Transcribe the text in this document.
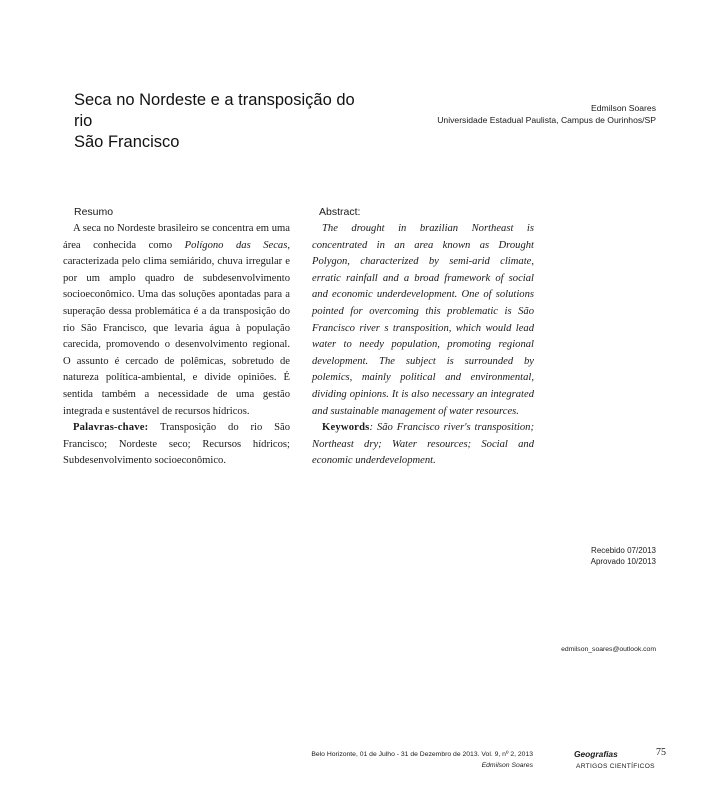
Seca no Nordeste e a transposição do rio
São Francisco
Edmilson Soares
Universidade Estadual Paulista, Campus de Ourinhos/SP
Resumo	Abstract:

A seca no Nordeste brasileiro se concentra em uma área conhecida como Polígono das Secas, caracterizada pelo clima semiárido, chuva irregular e por um amplo quadro de subdesenvolvimento socioeconômico. Uma das soluções apontadas para a superação dessa problemática é a da transposição do rio São Francisco, que levaria água à população carecida, promovendo o desenvolvimento regional. O assunto é cercado de polêmicas, sobretudo de natureza política-ambiental, e divide opiniões. É sentida também a necessidade de uma gestão integrada e sustentável de recursos hídricos.

Palavras-chave: Transposição do rio São Francisco; Nordeste seco; Recursos hídricos; Subdesenvolvimento socioeconômico.

The drought in brazilian Northeast is concentrated in an area known as Drought Polygon, characterized by semi-arid climate, erratic rainfall and a broad framework of social and economic underdevelopment. One of solutions pointed for overcoming this problematic is São Francisco river s transposition, which would lead water to needy population, promoting regional development. The subject is surrounded by polemics, mainly political and environmental, dividing opinions. It is also necessary an integrated and sustainable management of water resources.

Keywords: São Francisco river's transposition; Northeast dry; Water resources; Social and economic underdevelopment.

Recebido 07/2013
Aprovado 10/2013
edmilson_soares@outlook.com
Belo Horizonte, 01 de Julho - 31 de Dezembro de 2013. Vol. 9, nº 2, 2013
Edmilson Soares
Geografias
ARTIGOS CIENTÍFICOS
75
